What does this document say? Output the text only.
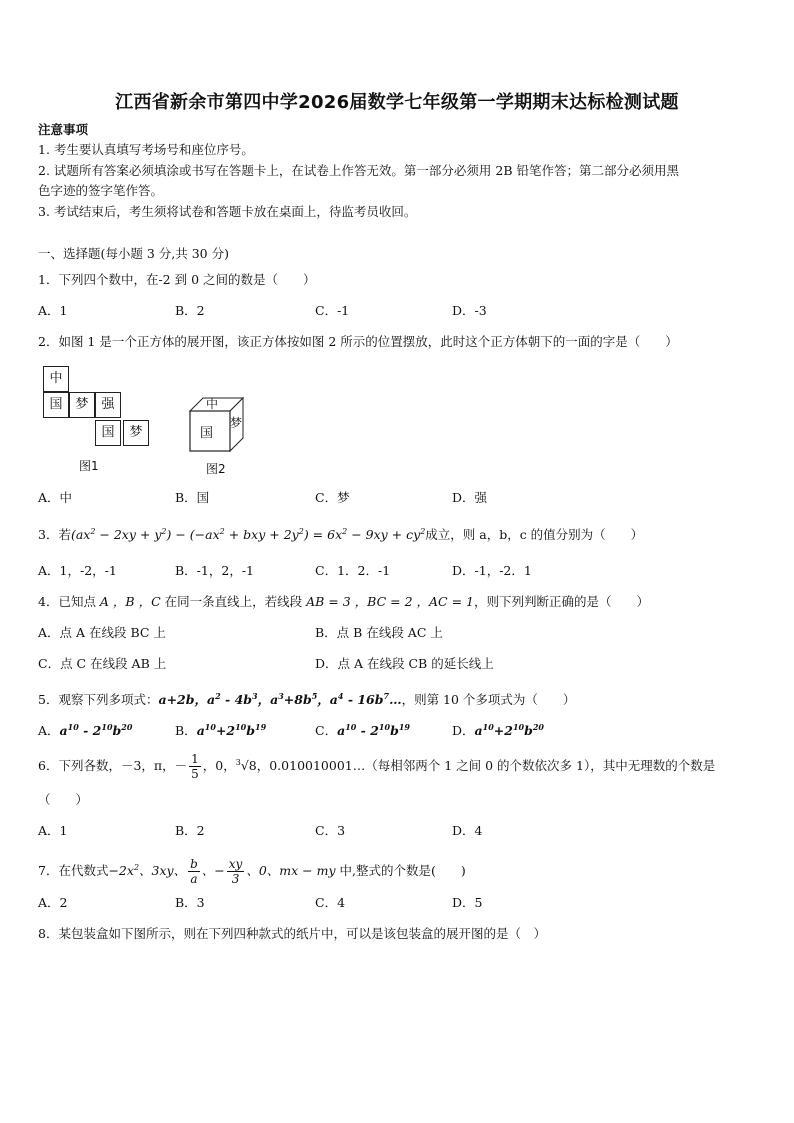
江西省新余市第四中学2026届数学七年级第一学期期末达标检测试题
注意事项
1. 考生要认真填写考场号和座位序号。
2. 试题所有答案必须填涂或书写在答题卡上，在试卷上作答无效。第一部分必须用 2B 铅笔作答；第二部分必须用黑
色字迹的签字笔作答。
3. 考试结束后，考生须将试卷和答题卡放在桌面上，待监考员收回。
一、选择题(每小题 3 分,共 30 分)
1．下列四个数中，在-2 到 0 之间的数是（　　）
A．1	B．2	C．-1	D．-3
2．如图 1 是一个正方体的展开图，该正方体按如图 2 所示的位置摆放，此时这个正方体朝下的一面的字是（　　）
中
国 梦 强
国	梦
图1
中
国
梦
图2
A．中	B．国	C．梦	D．强
3．若$(ax^2 - 2xy + y^2) - (-ax^2$ + bxy + $2y^2) = 6x^2 - 9xy + cy^2$成立，则 a，b，c 的值分别为（　　）
A．1，-2，-1	B．-1，2，-1	C．1．2．-1	D．-1，-2．1
4．已知点 A ，B ，C 在同一条直线上，若线段 AB = 3 ，BC = 2 ，AC = 1，则下列判断正确的是（　　）
A．点 A 在线段 BC 上	B．点 B 在线段 AC 上
C．点 C 在线段 AB 上	D．点 A 在线段 CB 的延长线上
5．观察下列多项式：a+2b，$a^2 - 4b^3$，$a^3+8b^5$，$a^4$ - $16b^7\dots$，则第 10 个多项式为（　　）
A．$a^{10} - 2^{10}b^{20}$	B．$a^{10}+2^{10}b^{19}$	C．$a^{10} - 2^{10}b^{19}$	D．$a^{10}+2^{10}b^{20}$
6．下列各数，－3，π，－ $\frac{1}{5}$ ，0，$^3$√8，0.010010001…（每相邻两个 1 之间 0 的个数依次多 1），其中无理数的个数是
（　　）
A．1	B．2	C．3	D．4
7．在代数式$-2x^2$、3xy、 $\frac{b}{a}$ 、− $\frac{xy}{3}$ 、0、mx − my 中,整式的个数是(　　)
A．2	B．3	C．4	D．5
8．某包装盒如下图所示，则在下列四种款式的纸片中，可以是该包装盒的展开图的是（　）
